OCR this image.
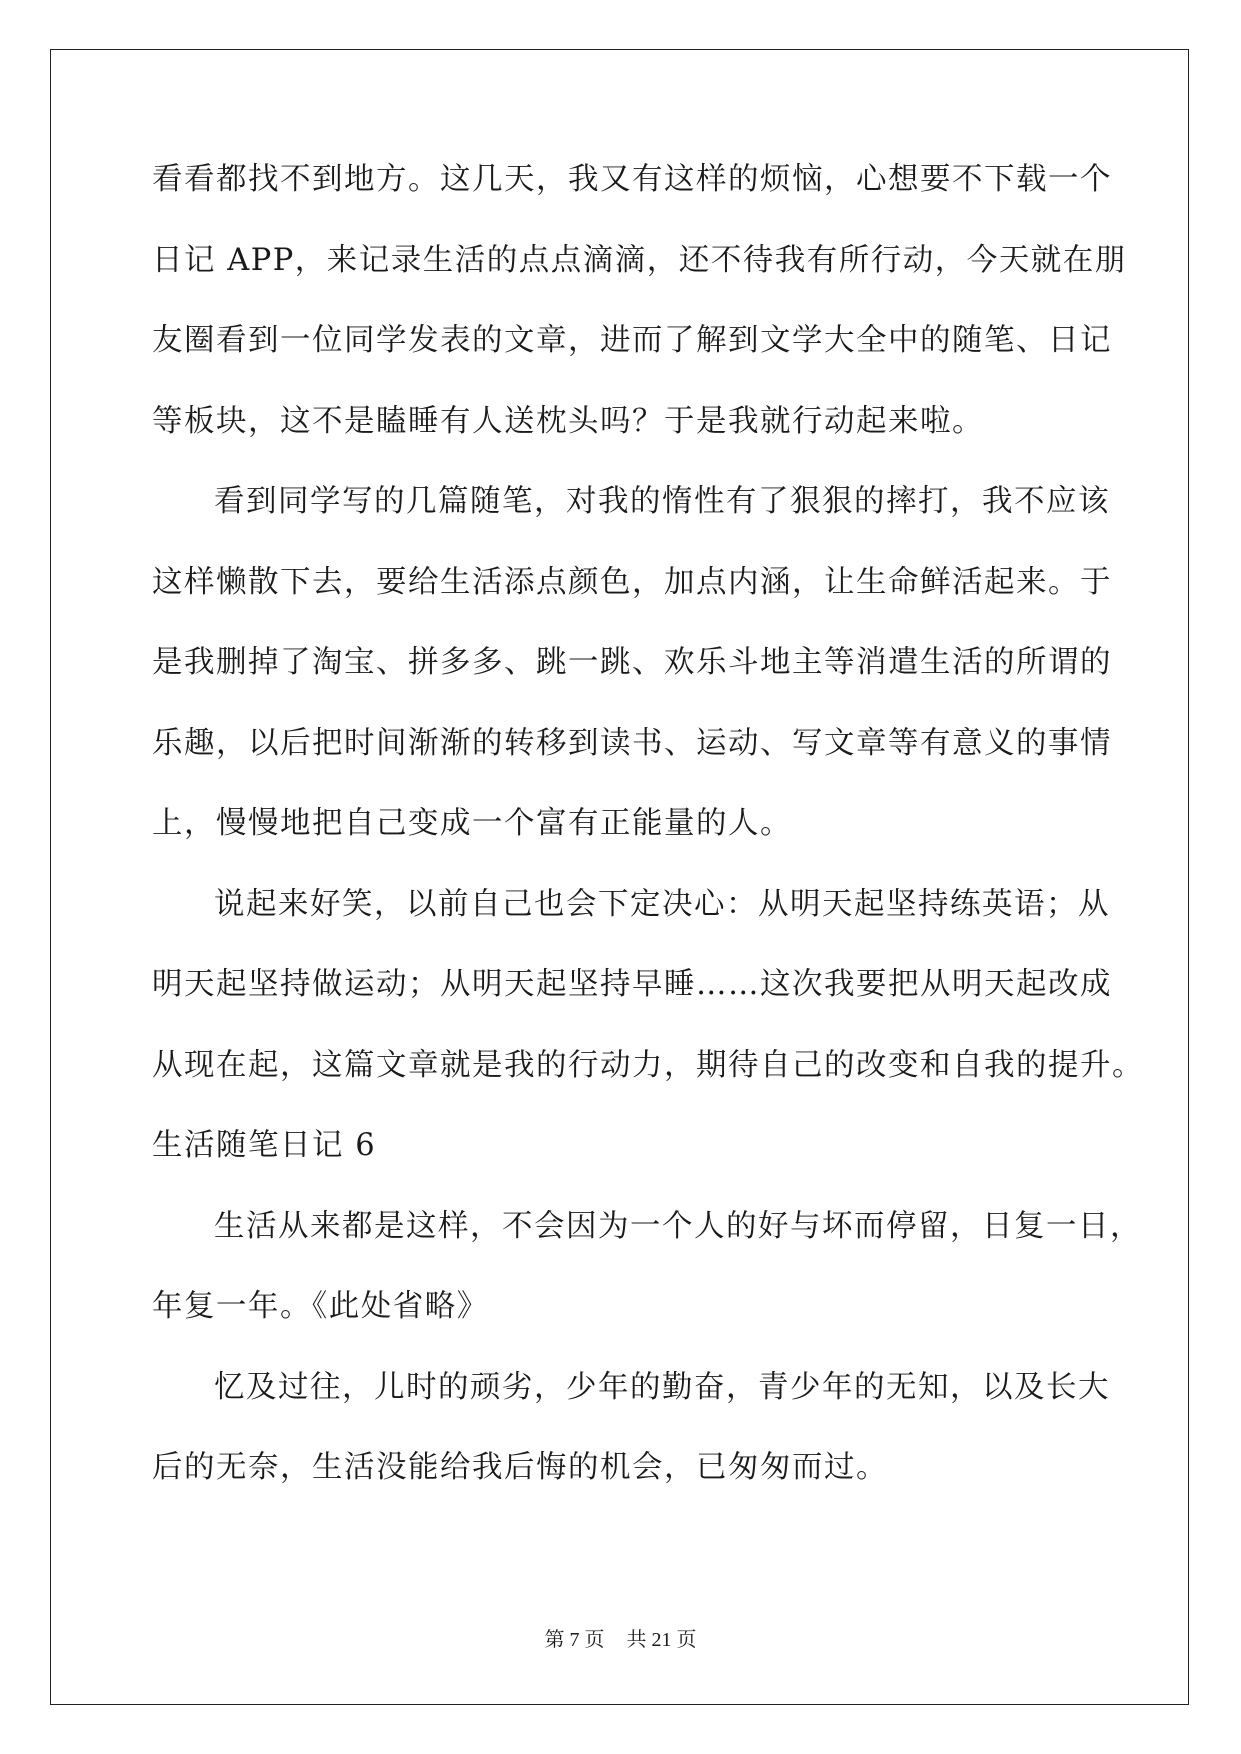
看看都找不到地方。这几天，我又有这样的烦恼，心想要不下载一个
日记 APP，来记录生活的点点滴滴，还不待我有所行动，今天就在朋
友圈看到一位同学发表的文章，进而了解到文学大全中的随笔、日记
等板块，这不是瞌睡有人送枕头吗？于是我就行动起来啦。
看到同学写的几篇随笔，对我的惰性有了狠狠的摔打，我不应该
这样懒散下去，要给生活添点颜色，加点内涵，让生命鲜活起来。于
是我删掉了淘宝、拼多多、跳一跳、欢乐斗地主等消遣生活的所谓的
乐趣，以后把时间渐渐的转移到读书、运动、写文章等有意义的事情
上，慢慢地把自己变成一个富有正能量的人。
说起来好笑，以前自己也会下定决心：从明天起坚持练英语；从
明天起坚持做运动；从明天起坚持早睡……这次我要把从明天起改成
从现在起，这篇文章就是我的行动力，期待自己的改变和自我的提升。
生活随笔日记 6
生活从来都是这样，不会因为一个人的好与坏而停留，日复一日，
年复一年。《此处省略》
忆及过往，儿时的顽劣，少年的勤奋，青少年的无知，以及长大
后的无奈，生活没能给我后悔的机会，已匆匆而过。
第 7 页 共 21 页
